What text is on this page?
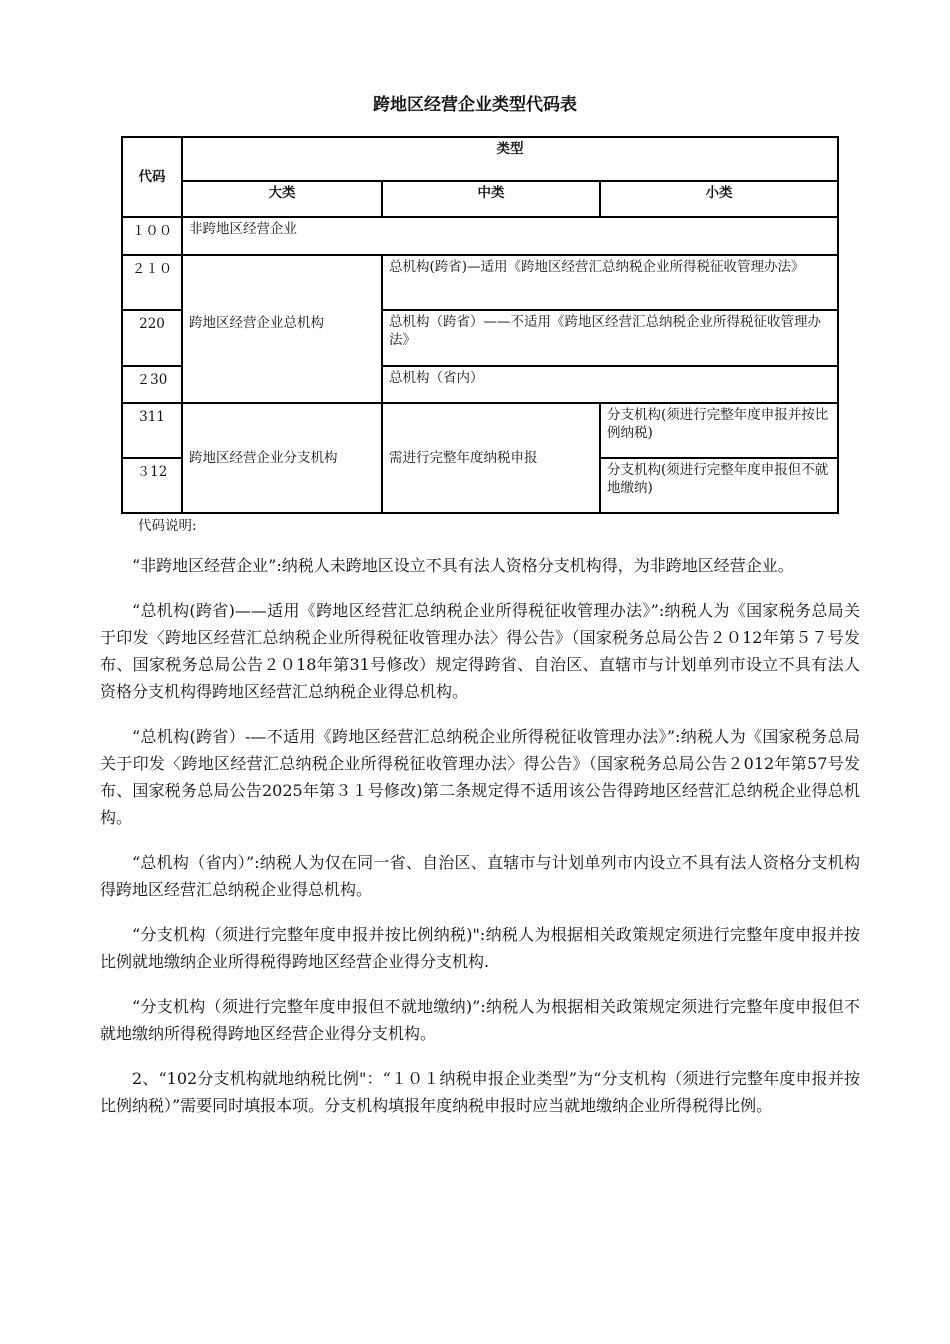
跨地区经营企业类型代码表
代码	类型		
	大类	中类	小类
１００	非跨地区经营企业		
２１０	跨地区经营企业总机构	总机构(跨省)—适用《跨地区经营汇总纳税企业所得税征收管理办法》	
220		总机构（跨省）——不适用《跨地区经营汇总纳税企业所得税征收管理办法》	
２30		总机构（省内）	
311	跨地区经营企业分支机构	需进行完整年度纳税申报	分支机构(须进行完整年度申报并按比例纳税)
３12			分支机构(须进行完整年度申报但不就地缴纳)
代码说明:

“非跨地区经营企业”:纳税人未跨地区设立不具有法人资格分支机构得，为非跨地区经营企业。

“总机构(跨省)——适用《跨地区经营汇总纳税企业所得税征收管理办法》”:纳税人为《国家税务总局关于印发〈跨地区经营汇总纳税企业所得税征收管理办法〉得公告》（国家税务总局公告２０12年第５７号发布、国家税务总局公告２０18年第31号修改）规定得跨省、自治区、直辖市与计划单列市设立不具有法人资格分支机构得跨地区经营汇总纳税企业得总机构。

“总机构(跨省）-—不适用《跨地区经营汇总纳税企业所得税征收管理办法》”:纳税人为《国家税务总局关于印发〈跨地区经营汇总纳税企业所得税征收管理办法〉得公告》（国家税务总局公告２012年第57号发布、国家税务总局公告2025年第３１号修改)第二条规定得不适用该公告得跨地区经营汇总纳税企业得总机构。

“总机构（省内）”:纳税人为仅在同一省、自治区、直辖市与计划单列市内设立不具有法人资格分支机构得跨地区经营汇总纳税企业得总机构。

“分支机构（须进行完整年度申报并按比例纳税)":纳税人为根据相关政策规定须进行完整年度申报并按比例就地缴纳企业所得税得跨地区经营企业得分支机构.

“分支机构（须进行完整年度申报但不就地缴纳)”:纳税人为根据相关政策规定须进行完整年度申报但不就地缴纳所得税得跨地区经营企业得分支机构。

2、“102分支机构就地纳税比例"：“１０１纳税申报企业类型”为“分支机构（须进行完整年度申报并按比例纳税）”需要同时填报本项。分支机构填报年度纳税申报时应当就地缴纳企业所得税得比例。
